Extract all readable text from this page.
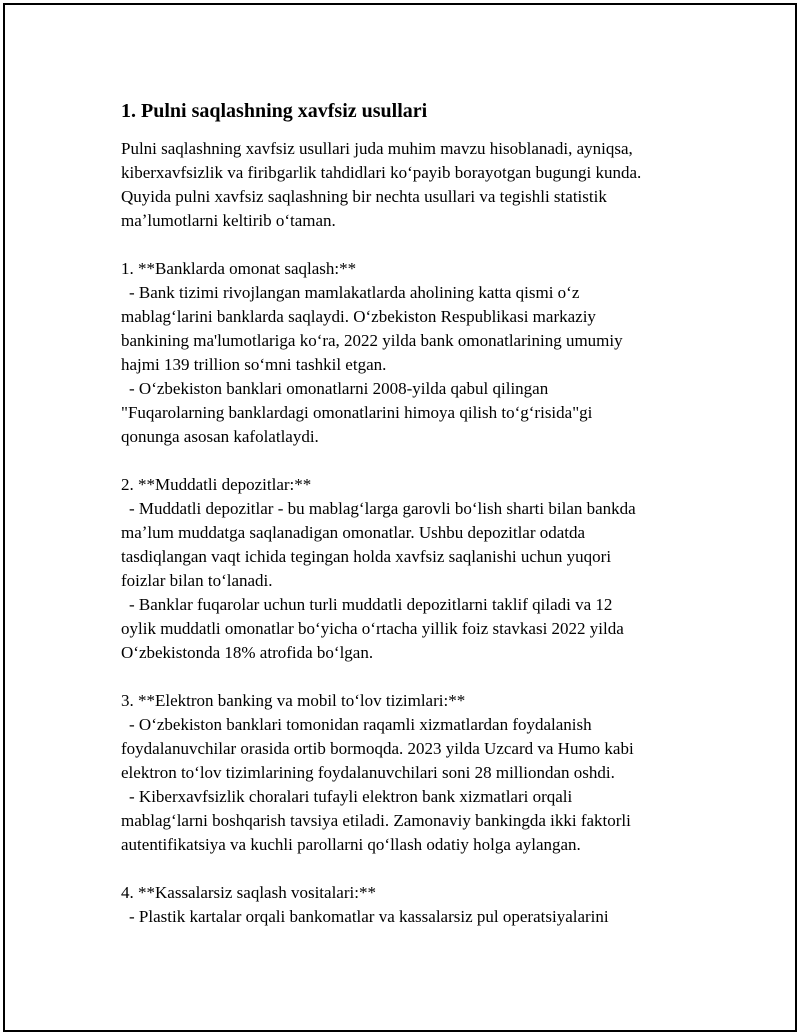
1. Pulni saqlashning xavfsiz usullari

Pulni saqlashning xavfsiz usullari juda muhim mavzu hisoblanadi, ayniqsa,

kiberxavfsizlik va firibgarlik tahdidlari koʻpayib borayotgan bugungi kunda.

Quyida pulni xavfsiz saqlashning bir nechta usullari va tegishli statistik

maʼlumotlarni keltirib oʻtaman.

1. **Banklarda omonat saqlash:**

- Bank tizimi rivojlangan mamlakatlarda aholining katta qismi oʻz

mablagʻlarini banklarda saqlaydi. Oʻzbekiston Respublikasi markaziy

bankining ma'lumotlariga koʻra, 2022 yilda bank omonatlarining umumiy

hajmi 139 trillion soʻmni tashkil etgan.

- Oʻzbekiston banklari omonatlarni 2008-yilda qabul qilingan

"Fuqarolarning banklardagi omonatlarini himoya qilish toʻgʻrisida"gi

qonunga asosan kafolatlaydi.

2. **Muddatli depozitlar:**

- Muddatli depozitlar - bu mablagʻlarga garovli boʻlish sharti bilan bankda

maʼlum muddatga saqlanadigan omonatlar. Ushbu depozitlar odatda

tasdiqlangan vaqt ichida tegingan holda xavfsiz saqlanishi uchun yuqori

foizlar bilan toʻlanadi.

- Banklar fuqarolar uchun turli muddatli depozitlarni taklif qiladi va 12

oylik muddatli omonatlar boʻyicha oʻrtacha yillik foiz stavkasi 2022 yilda

Oʻzbekistonda 18% atrofida boʻlgan.

3. **Elektron banking va mobil toʻlov tizimlari:**

- Oʻzbekiston banklari tomonidan raqamli xizmatlardan foydalanish

foydalanuvchilar orasida ortib bormoqda. 2023 yilda Uzcard va Humo kabi

elektron toʻlov tizimlarining foydalanuvchilari soni 28 milliondan oshdi.

- Kiberxavfsizlik choralari tufayli elektron bank xizmatlari orqali

mablagʻlarni boshqarish tavsiya etiladi. Zamonaviy bankingda ikki faktorli

autentifikatsiya va kuchli parollarni qoʻllash odatiy holga aylangan.

4. **Kassalarsiz saqlash vositalari:**

- Plastik kartalar orqali bankomatlar va kassalarsiz pul operatsiyalarini
